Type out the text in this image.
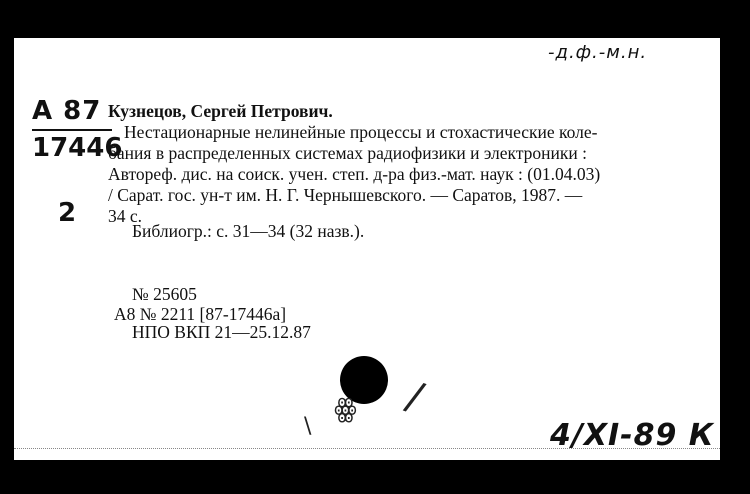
-д.ф.-м.н.
А 87
17446
2
Кузнецов, Сергей Петрович.
Нестационарные нелинейные процессы и стохастические коле-
бания в распределенных системах радиофизики и электроники :
Автореф. дис. на соиск. учен. степ. д-ра физ.-мат. наук : (01.04.03)
/ Сарат. гос. ун-т им. Н. Г. Чернышевского. — Саратов, 1987. —
34 с.
Библиогр.: с. 31—34 (32 назв.).
№ 25605
А8 № 2211 [87-17446а]
НПО ВКП 21—25.12.87
ꙮ /
\	4/XI-89 К
